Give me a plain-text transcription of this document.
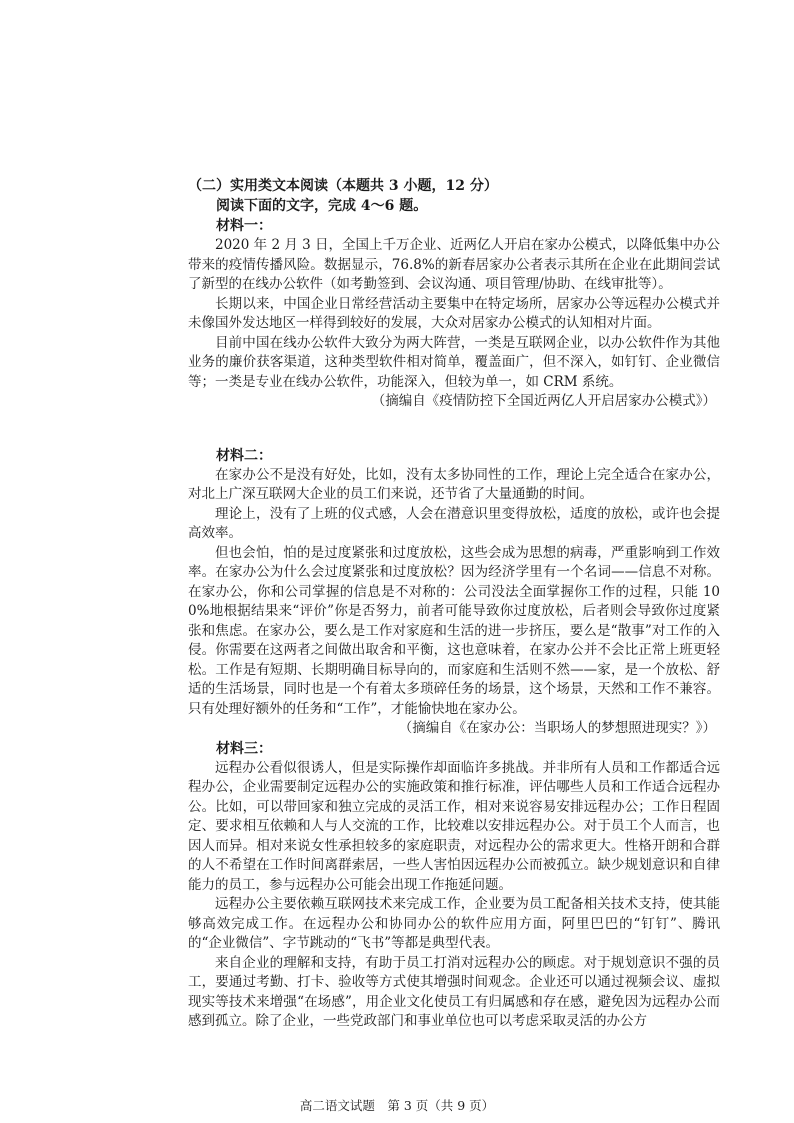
（二）实用类文本阅读（本题共 3 小题，12 分）

阅读下面的文字，完成 4～6 题。

材料一：

2020 年 2 月 3 日，全国上千万企业、近两亿人开启在家办公模式，以降低集中办公带来的疫情传播风险。数据显示，76.8%的新春居家办公者表示其所在企业在此期间尝试了新型的在线办公软件（如考勤签到、会议沟通、项目管理/协助、在线审批等）。

长期以来，中国企业日常经营活动主要集中在特定场所，居家办公等远程办公模式并未像国外发达地区一样得到较好的发展，大众对居家办公模式的认知相对片面。

目前中国在线办公软件大致分为两大阵营，一类是互联网企业，以办公软件作为其他业务的廉价获客渠道，这种类型软件相对简单，覆盖面广，但不深入，如钉钉、企业微信等；一类是专业在线办公软件，功能深入，但较为单一，如 CRM 系统。

（摘编自《疫情防控下全国近两亿人开启居家办公模式》）

材料二：

在家办公不是没有好处，比如，没有太多协同性的工作，理论上完全适合在家办公，对北上广深互联网大企业的员工们来说，还节省了大量通勤的时间。

理论上，没有了上班的仪式感，人会在潜意识里变得放松，适度的放松，或许也会提高效率。

但也会怕，怕的是过度紧张和过度放松，这些会成为思想的病毒，严重影响到工作效率。在家办公为什么会过度紧张和过度放松？因为经济学里有一个名词——信息不对称。在家办公，你和公司掌握的信息是不对称的：公司没法全面掌握你工作的过程，只能 100%地根据结果来“评价”你是否努力，前者可能导致你过度放松，后者则会导致你过度紧张和焦虑。在家办公，要么是工作对家庭和生活的进一步挤压，要么是“散事”对工作的入侵。你需要在这两者之间做出取舍和平衡，这也意味着，在家办公并不会比正常上班更轻松。工作是有短期、长期明确目标导向的，而家庭和生活则不然——家，是一个放松、舒适的生活场景，同时也是一个有着太多琐碎任务的场景，这个场景，天然和工作不兼容。只有处理好额外的任务和“工作”，才能愉快地在家办公。

（摘编自《在家办公：当职场人的梦想照进现实？》）

材料三：

远程办公看似很诱人，但是实际操作却面临许多挑战。并非所有人员和工作都适合远程办公，企业需要制定远程办公的实施政策和推行标准，评估哪些人员和工作适合远程办公。比如，可以带回家和独立完成的灵活工作，相对来说容易安排远程办公；工作日程固定、要求相互依赖和人与人交流的工作，比较难以安排远程办公。对于员工个人而言，也因人而异。相对来说女性承担较多的家庭职责，对远程办公的需求更大。性格开朗和合群的人不希望在工作时间离群索居，一些人害怕因远程办公而被孤立。缺少规划意识和自律能力的员工，参与远程办公可能会出现工作拖延问题。

远程办公主要依赖互联网技术来完成工作，企业要为员工配备相关技术支持，使其能够高效完成工作。在远程办公和协同办公的软件应用方面，阿里巴巴的“钉钉”、腾讯的“企业微信”、字节跳动的“飞书”等都是典型代表。

来自企业的理解和支持，有助于员工打消对远程办公的顾虑。对于规划意识不强的员工，要通过考勤、打卡、验收等方式使其增强时间观念。企业还可以通过视频会议、虚拟现实等技术来增强“在场感”，用企业文化使员工有归属感和存在感，避免因为远程办公而感到孤立。除了企业，一些党政部门和事业单位也可以考虑采取灵活的办公方

高二语文试题　第 3 页（共 9 页）
